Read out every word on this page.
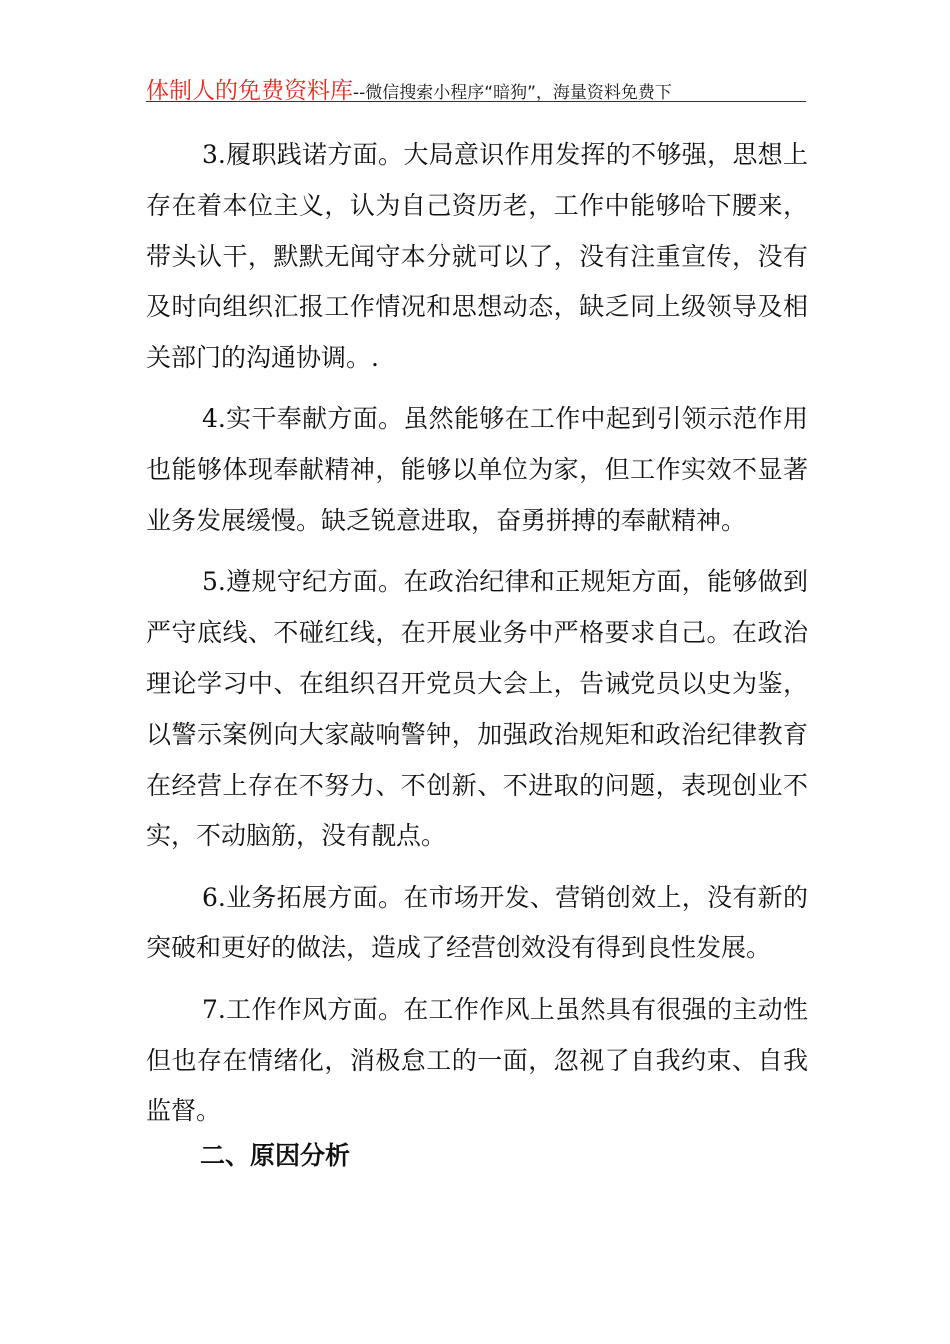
体制人的免费资料库--微信搜索小程序“暗狗”，海量资料免费下

3.履职践诺方面。大局意识作用发挥的不够强，思想上存在着本位主义，认为自己资历老，工作中能够哈下腰来，带头认干，默默无闻守本分就可以了，没有注重宣传，没有及时向组织汇报工作情况和思想动态，缺乏同上级领导及相关部门的沟通协调。.

4.实干奉献方面。虽然能够在工作中起到引领示范作用也能够体现奉献精神，能够以单位为家，但工作实效不显著业务发展缓慢。缺乏锐意进取，奋勇拼搏的奉献精神。

5.遵规守纪方面。在政治纪律和正规矩方面，能够做到严守底线、不碰红线，在开展业务中严格要求自己。在政治理论学习中、在组织召开党员大会上，告诫党员以史为鉴，以警示案例向大家敲响警钟，加强政治规矩和政治纪律教育在经营上存在不努力、不创新、不进取的问题，表现创业不实，不动脑筋，没有靓点。

6.业务拓展方面。在市场开发、营销创效上，没有新的突破和更好的做法，造成了经营创效没有得到良性发展。

7.工作作风方面。在工作作风上虽然具有很强的主动性但也存在情绪化，消极怠工的一面，忽视了自我约束、自我监督。

二、原因分析
